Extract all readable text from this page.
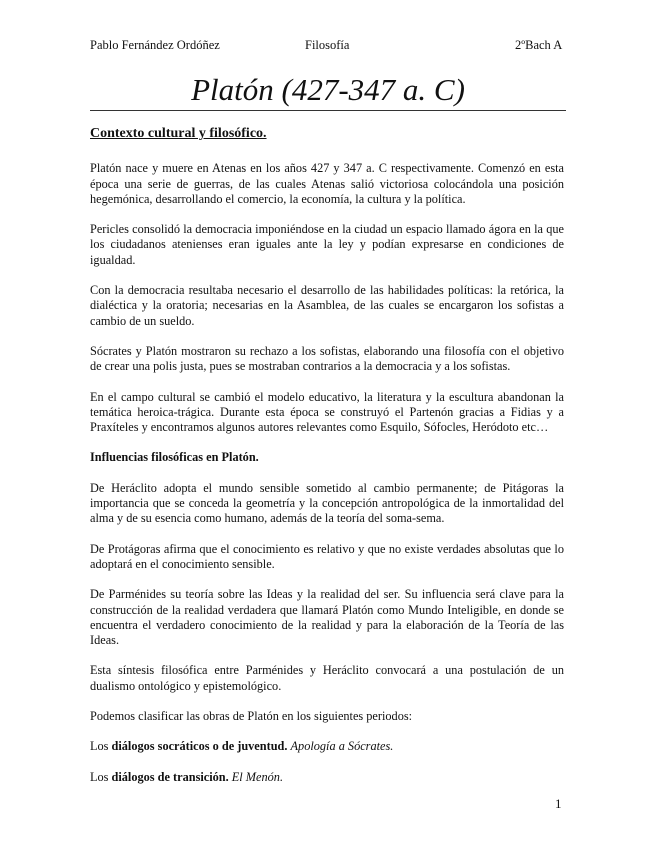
Pablo Fernández Ordóñez	Filosofía	2ºBach A
Platón (427-347 a. C)

Contexto cultural y filosófico.

Platón nace y muere en Atenas en los años 427 y 347 a. C respectivamente. Comenzó en esta época una serie de guerras, de las cuales Atenas salió victoriosa colocándola una posición hegemónica, desarrollando el comercio, la economía, la cultura y la política.

Pericles consolidó la democracia imponiéndose en la ciudad un espacio llamado ágora en la que los ciudadanos atenienses eran iguales ante la ley y podían expresarse en condiciones de igualdad.

Con la democracia resultaba necesario el desarrollo de las habilidades políticas: la retórica, la dialéctica y la oratoria; necesarias en la Asamblea, de las cuales se encargaron los sofistas a cambio de un sueldo.

Sócrates y Platón mostraron su rechazo a los sofistas, elaborando una filosofía con el objetivo de crear una polis justa, pues se mostraban contrarios a la democracia y a los sofistas.

En el campo cultural se cambió el modelo educativo, la literatura y la escultura abandonan la temática heroica-trágica. Durante esta época se construyó el Partenón gracias a Fidias y a Praxíteles y encontramos algunos autores relevantes como Esquilo, Sófocles, Heródoto etc…

Influencias filosóficas en Platón.

De Heráclito adopta el mundo sensible sometido al cambio permanente; de Pitágoras la importancia que se conceda la geometría y la concepción antropológica de la inmortalidad del alma y de su esencia como humano, además de la teoría del soma-sema.

De Protágoras afirma que el conocimiento es relativo y que no existe verdades absolutas que lo adoptará en el conocimiento sensible.

De Parménides su teoría sobre las Ideas y la realidad del ser. Su influencia será clave para la construcción de la realidad verdadera que llamará Platón como Mundo Inteligible, en donde se encuentra el verdadero conocimiento de la realidad y para la elaboración de la Teoría de las Ideas.

Esta síntesis filosófica entre Parménides y Heráclito convocará a una postulación de un dualismo ontológico y epistemológico.

Podemos clasificar las obras de Platón en los siguientes periodos:

Los diálogos socráticos o de juventud. Apología a Sócrates.

Los diálogos de transición. El Menón.

1
